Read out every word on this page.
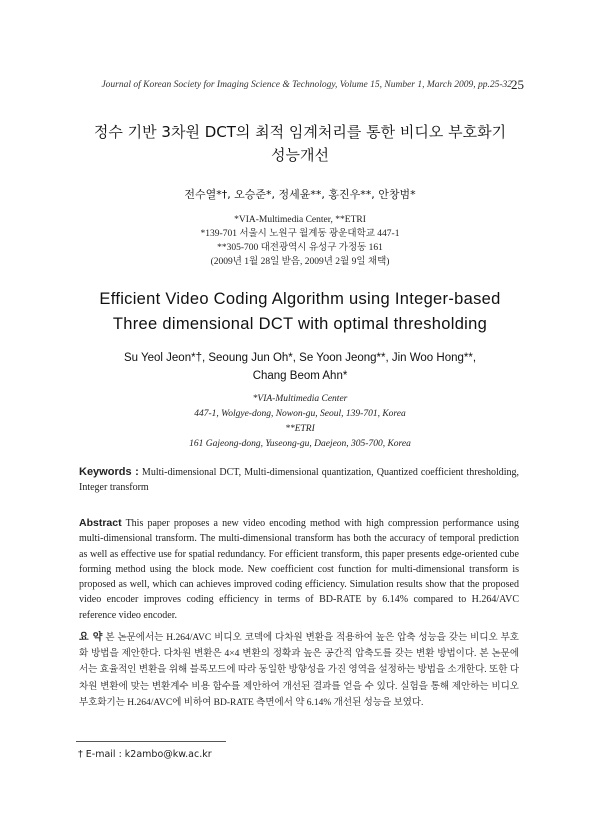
Journal of Korean Society for Imaging Science & Technology, Volume 15, Number 1, March 2009, pp.25-32 25
정수 기반 3차원 DCT의 최적 임계처리를 통한 비디오 부호화기
성능개선
전수열*†, 오승준*, 정세윤**, 홍진우**, 안창범*
*VIA-Multimedia Center, **ETRI
*139-701 서울시 노원구 월계동 광운대학교 447-1
**305-700 대전광역시 유성구 가정동 161
(2009년 1월 28일 받음, 2009년 2월 9일 채택)
Efficient Video Coding Algorithm using Integer-based
Three dimensional DCT with optimal thresholding
Su Yeol Jeon*†, Seoung Jun Oh*, Se Yoon Jeong**, Jin Woo Hong**,
Chang Beom Ahn*
*VIA-Multimedia Center
447-1, Wolgye-dong, Nowon-gu, Seoul, 139-701, Korea
**ETRI
161 Gajeong-dong, Yuseong-gu, Daejeon, 305-700, Korea
Keywords : Multi-dimensional DCT, Multi-dimensional quantization, Quantized coefficient thresholding, Integer transform
Abstract This paper proposes a new video encoding method with high compression performance using multi-dimensional transform. The multi-dimensional transform has both the accuracy of temporal prediction as well as effective use for spatial redundancy. For efficient transform, this paper presents edge-oriented cube forming method using the block mode. New coefficient cost function for multi-dimensional transform is proposed as well, which can achieves improved coding efficiency. Simulation results show that the proposed video encoder improves coding efficiency in terms of BD-RATE by 6.14% compared to H.264/AVC reference video encoder.
요 약 본 논문에서는 H.264/AVC 비디오 코덱에 다차원 변환을 적용하여 높은 압축 성능을 갖는 비디오 부호화 방법을 제안한다. 다차원 변환은 4×4 변환의 정확과 높은 공간적 압축도를 갖는 변환 방법이다. 본 논문에서는 효율적인 변환을 위해 블록모드에 따라 동일한 방향성을 가진 영역을 설정하는 방법을 소개한다. 또한 다차원 변환에 맞는 변환계수 비용 함수를 제안하여 개선된 결과를 얻을 수 있다. 실험을 통해 제안하는 비디오 부호화기는 H.264/AVC에 비하여 BD-RATE 측면에서 약 6.14% 개선된 성능을 보였다.
† E-mail : k2ambo@kw.ac.kr
